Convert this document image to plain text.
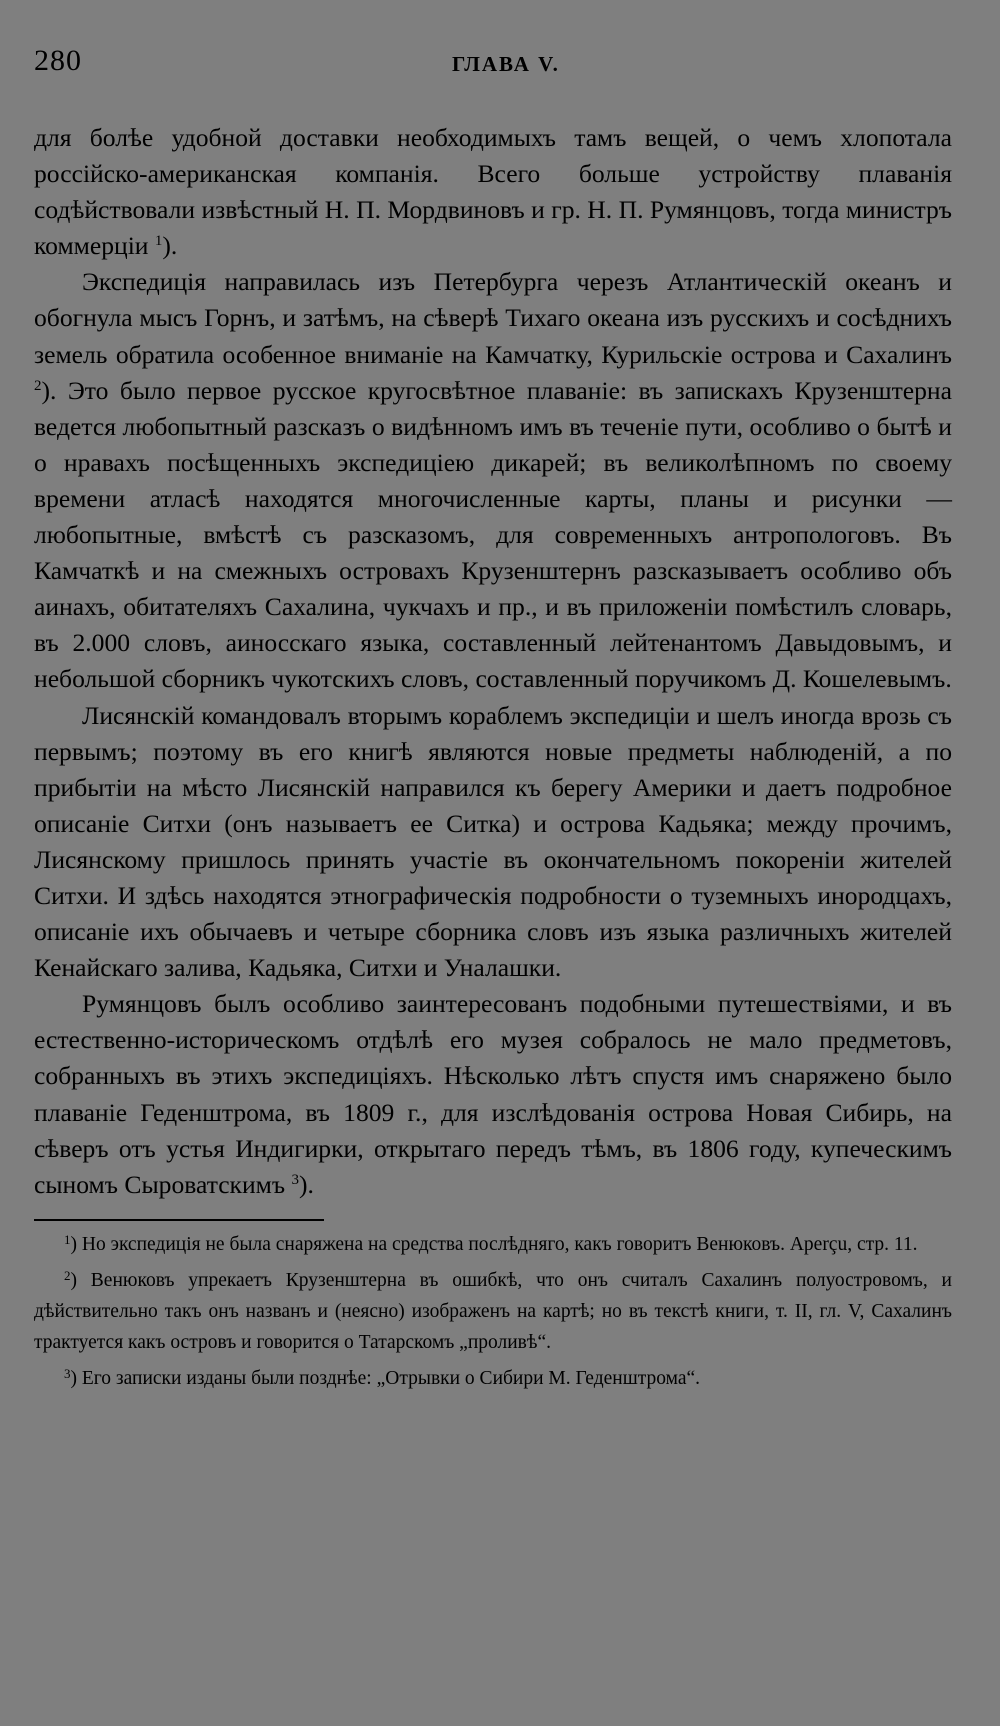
280	ГЛАВА V.

для болѣе удобной доставки необходимыхъ тамъ вещей, о чемъ хлопотала россійско-американская компанія. Всего больше устройству плаванія содѣйствовали извѣстный Н. П. Мордвиновъ и гр. Н. П. Румянцовъ, тогда министръ коммерціи $^1$).

Экспедиція направилась изъ Петербурга черезъ Атлантическій океанъ и обогнула мысъ Горнъ, и затѣмъ, на сѣверѣ Тихаго океана изъ русскихъ и сосѣднихъ земель обратила особенное вниманіе на Камчатку, Курильскіе острова и Сахалинъ $^2$). Это было первое русское кругосвѣтное плаваніе: въ запискахъ Крузенштерна ведется любопытный разсказъ о видѣнномъ имъ въ теченіе пути, особливо о бытѣ и о нравахъ посѣщенныхъ экспедиціею дикарей; въ великолѣпномъ по своему времени атласѣ находятся многочисленные карты, планы и рисунки — любопытные, вмѣстѣ съ разсказомъ, для современныхъ антропологовъ. Въ Камчаткѣ и на смежныхъ островахъ Крузенштернъ разсказываетъ особливо объ аинахъ, обитателяхъ Сахалина, чукчахъ и пр., и въ приложеніи помѣстилъ словарь, въ 2.000 словъ, аиносскаго языка, составленный лейтенантомъ Давыдовымъ, и небольшой сборникъ чукотскихъ словъ, составленный поручикомъ Д. Кошелевымъ.

Лисянскій командовалъ вторымъ кораблемъ экспедиціи и шелъ иногда врозь съ первымъ; поэтому въ его книгѣ являются новые предметы наблюденій, а по прибытіи на мѣсто Лисянскій направился къ берегу Америки и даетъ подробное описаніе Ситхи (онъ называетъ ее Ситка) и острова Кадьяка; между прочимъ, Лисянскому пришлось принять участіе въ окончательномъ покореніи жителей Ситхи. И здѣсь находятся этнографическія подробности о туземныхъ инородцахъ, описаніе ихъ обычаевъ и четыре сборника словъ изъ языка различныхъ жителей Кенайскаго залива, Кадьяка, Ситхи и Уналашки.

Румянцовъ былъ особливо заинтересованъ подобными путешествіями, и въ естественно-историческомъ отдѣлѣ его музея собралось не мало предметовъ, собранныхъ въ этихъ экспедиціяхъ. Нѣсколько лѣтъ спустя имъ снаряжено было плаваніе Геденштрома, въ 1809 г., для изслѣдованія острова Новая Сибирь, на сѣверъ отъ устья Индигирки, открытаго передъ тѣмъ, въ 1806 году, купеческимъ сыномъ Сыроватскимъ $^3$).

$^1$) Но экспедиція не была снаряжена на средства послѣдняго, какъ говоритъ Венюковъ. Aperçu, стр. 11.

$^2$) Венюковъ упрекаетъ Крузенштерна въ ошибкѣ, что онъ считалъ Сахалинъ полуостровомъ, и дѣйствительно такъ онъ названъ и (неясно) изображенъ на картѣ; но въ текстѣ книги, т. II, гл. V, Сахалинъ трактуется какъ островъ и говорится о Татарскомъ „проливѣ“.

$^3$) Его записки изданы были позднѣе: „Отрывки о Сибири М. Геденштрома“.
